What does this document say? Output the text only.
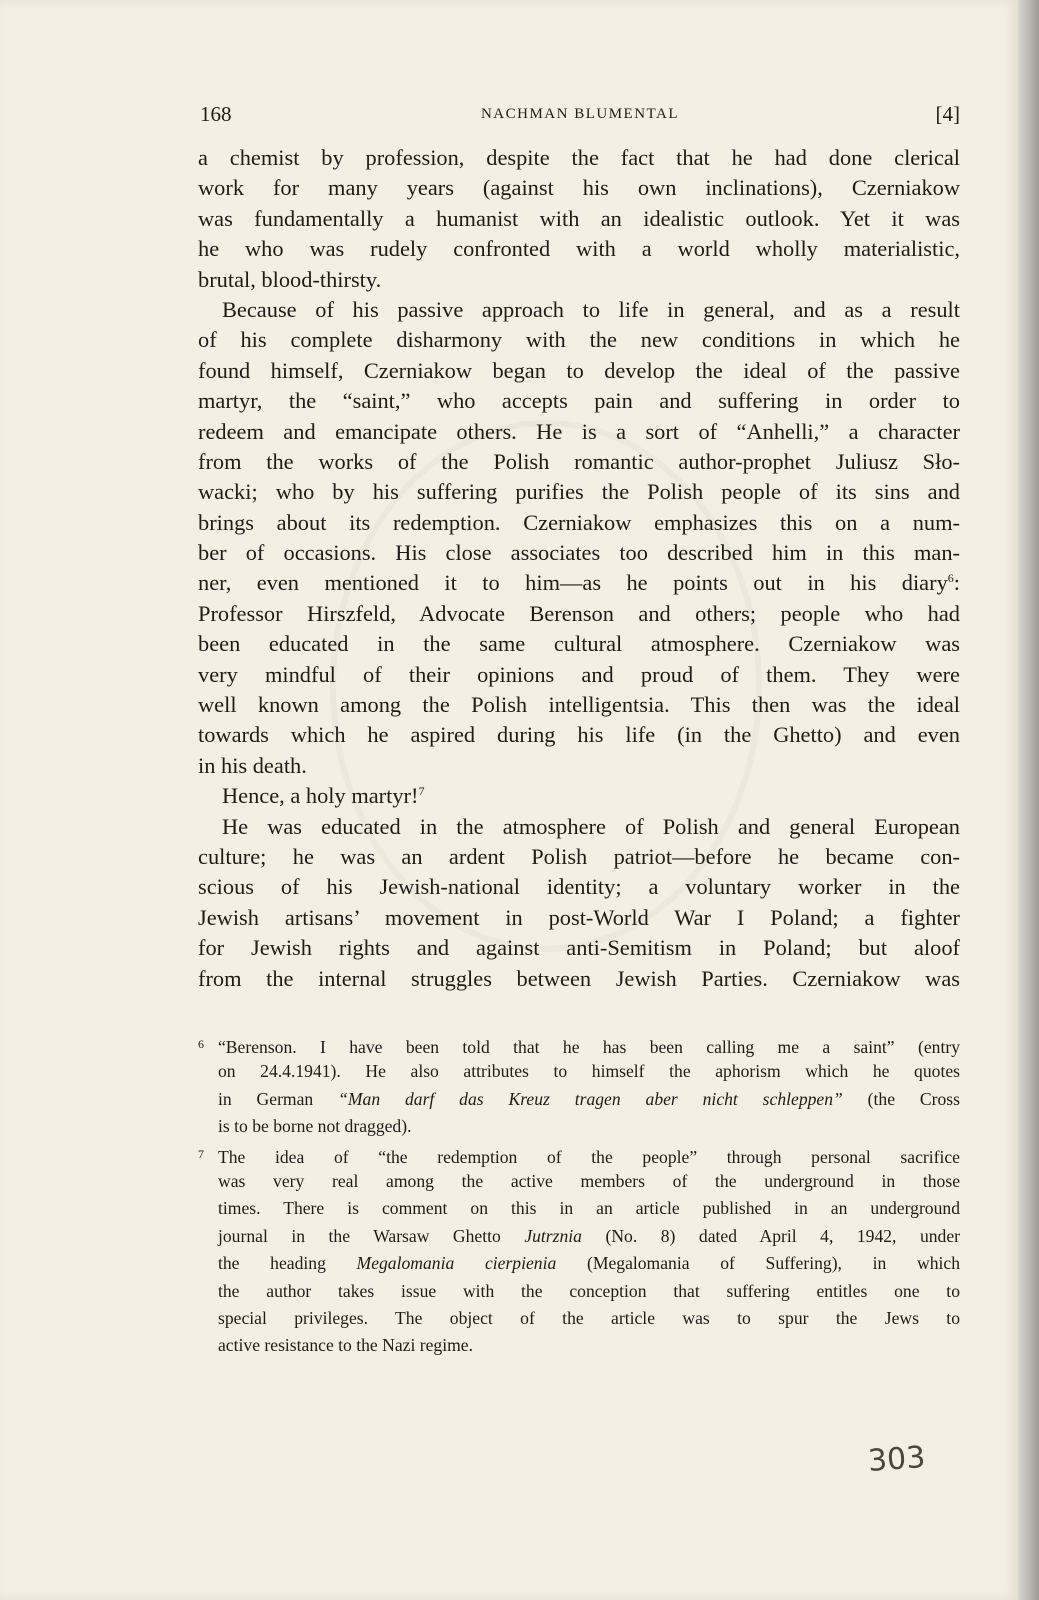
168	NACHMAN BLUMENTAL	[4]
a chemist by profession, despite the fact that he had done clerical
work for many years (against his own inclinations), Czerniakow
was fundamentally a humanist with an idealistic outlook. Yet it was
he who was rudely confronted with a world wholly materialistic,
brutal, blood-thirsty.
Because of his passive approach to life in general, and as a result
of his complete disharmony with the new conditions in which he
found himself, Czerniakow began to develop the ideal of the passive
martyr, the “saint,” who accepts pain and suffering in order to
redeem and emancipate others. He is a sort of “Anhelli,” a character
from the works of the Polish romantic author-prophet Juliusz Sło-
wacki; who by his suffering purifies the Polish people of its sins and
brings about its redemption. Czerniakow emphasizes this on a num-
ber of occasions. His close associates too described him in this man-
ner, even mentioned it to him—as he points out in his diary$^6$:
Professor Hirszfeld, Advocate Berenson and others; people who had
been educated in the same cultural atmosphere. Czerniakow was
very mindful of their opinions and proud of them. They were
well known among the Polish intelligentsia. This then was the ideal
towards which he aspired during his life (in the Ghetto) and even
in his death.
Hence, a holy martyr!$^7$
He was educated in the atmosphere of Polish and general European
culture; he was an ardent Polish patriot—before he became con-
scious of his Jewish-national identity; a voluntary worker in the
Jewish artisans’ movement in post-World War I Poland; a fighter
for Jewish rights and against anti-Semitism in Poland; but aloof
from the internal struggles between Jewish Parties. Czerniakow was
6 “Berenson. I have been told that he has been calling me a saint” (entry
on 24.4.1941). He also attributes to himself the aphorism which he quotes
in German “Man darf das Kreuz tragen aber nicht schleppen” (the Cross
is to be borne not dragged).
7 The idea of “the redemption of the people” through personal sacrifice
was very real among the active members of the underground in those
times. There is comment on this in an article published in an underground
journal in the Warsaw Ghetto Jutrznia (No. 8) dated April 4, 1942, under
the heading Megalomania cierpienia (Megalomania of Suffering), in which
the author takes issue with the conception that suffering entitles one to
special privileges. The object of the article was to spur the Jews to
active resistance to the Nazi regime.
303
